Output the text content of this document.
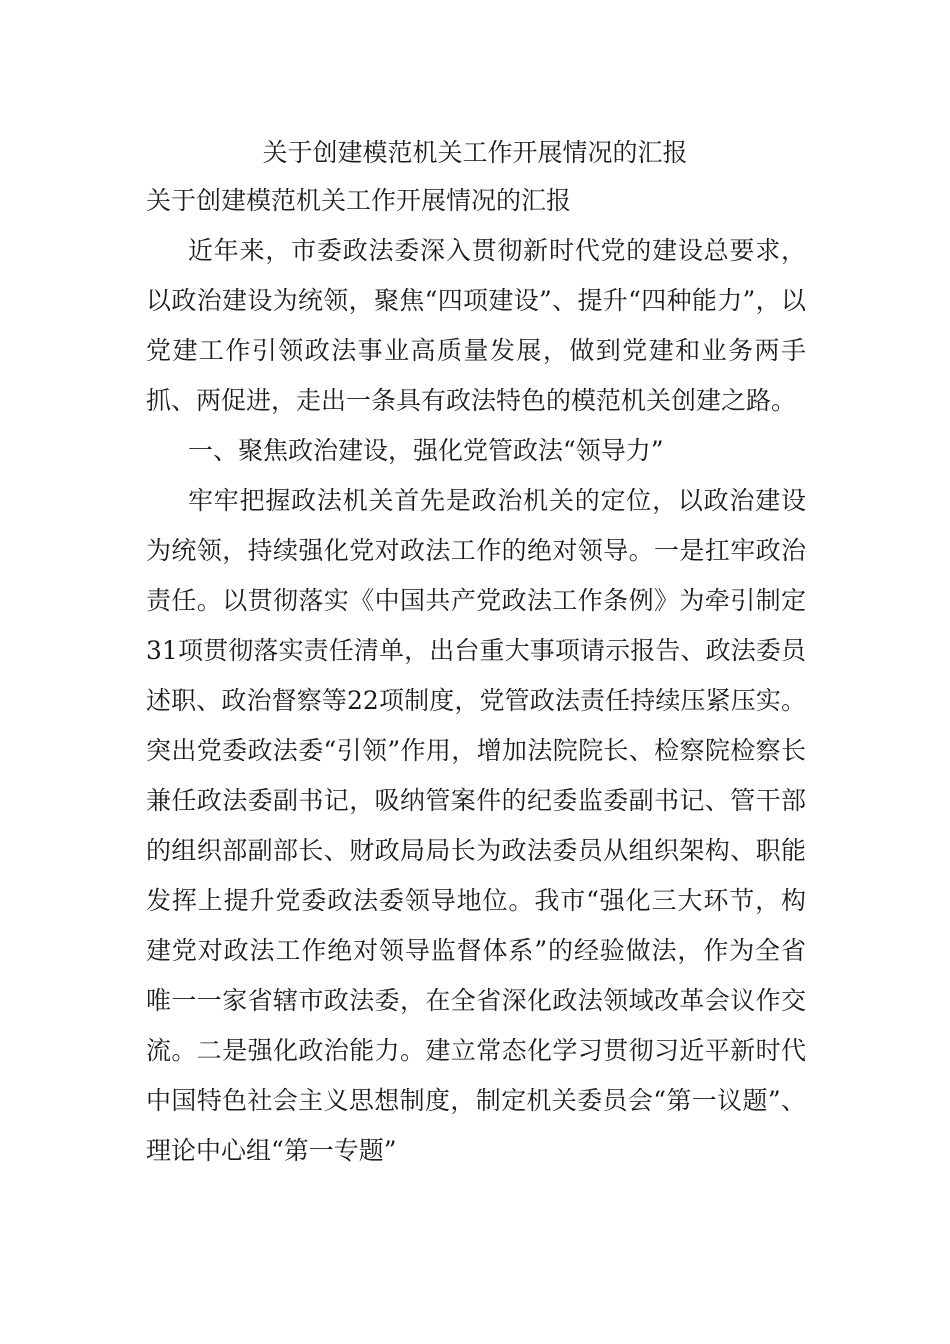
关于创建模范机关工作开展情况的汇报

关于创建模范机关工作开展情况的汇报

近年来，市委政法委深入贯彻新时代党的建设总要求，以政治建设为统领，聚焦“四项建设”、提升“四种能力”，以党建工作引领政法事业高质量发展，做到党建和业务两手抓、两促进，走出一条具有政法特色的模范机关创建之路。

一、聚焦政治建设，强化党管政法“领导力”

牢牢把握政法机关首先是政治机关的定位，以政治建设为统领，持续强化党对政法工作的绝对领导。一是扛牢政治责任。以贯彻落实《中国共产党政法工作条例》为牵引制定31项贯彻落实责任清单，出台重大事项请示报告、政法委员述职、政治督察等22项制度，党管政法责任持续压紧压实。突出党委政法委“引领”作用，增加法院院长、检察院检察长兼任政法委副书记，吸纳管案件的纪委监委副书记、管干部的组织部副部长、财政局局长为政法委员从组织架构、职能发挥上提升党委政法委领导地位。我市“强化三大环节，构建党对政法工作绝对领导监督体系”的经验做法，作为全省唯一一家省辖市政法委，在全省深化政法领域改革会议作交流。二是强化政治能力。建立常态化学习贯彻习近平新时代中国特色社会主义思想制度，制定机关委员会“第一议题”、理论中心组“第一专题”
